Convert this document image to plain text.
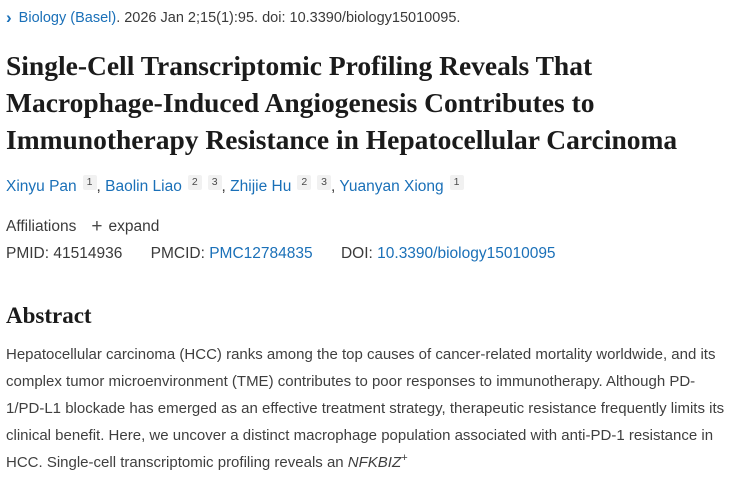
› Biology (Basel). 2026 Jan 2;15(1):95. doi: 10.3390/biology15010095.
Single-Cell Transcriptomic Profiling Reveals That Macrophage-Induced Angiogenesis Contributes to Immunotherapy Resistance in Hepatocellular Carcinoma
Xinyu Pan $^1$ , Baolin Liao $^2$ $^3$ , Zhijie Hu $^2$ $^3$ , Yuanyan Xiong $^1$
Affiliations + expand
PMID: 41514936 PMCID: PMC12784835 DOI: 10.3390/biology15010095
Abstract

Hepatocellular carcinoma (HCC) ranks among the top causes of cancer-related mortality worldwide, and its complex tumor microenvironment (TME) contributes to poor responses to immunotherapy. Although PD-1/PD-L1 blockade has emerged as an effective treatment strategy, therapeutic resistance frequently limits its clinical benefit. Here, we uncover a distinct macrophage population associated with anti-PD-1 resistance in HCC. Single-cell transcriptomic profiling reveals an NFKBIZ+
